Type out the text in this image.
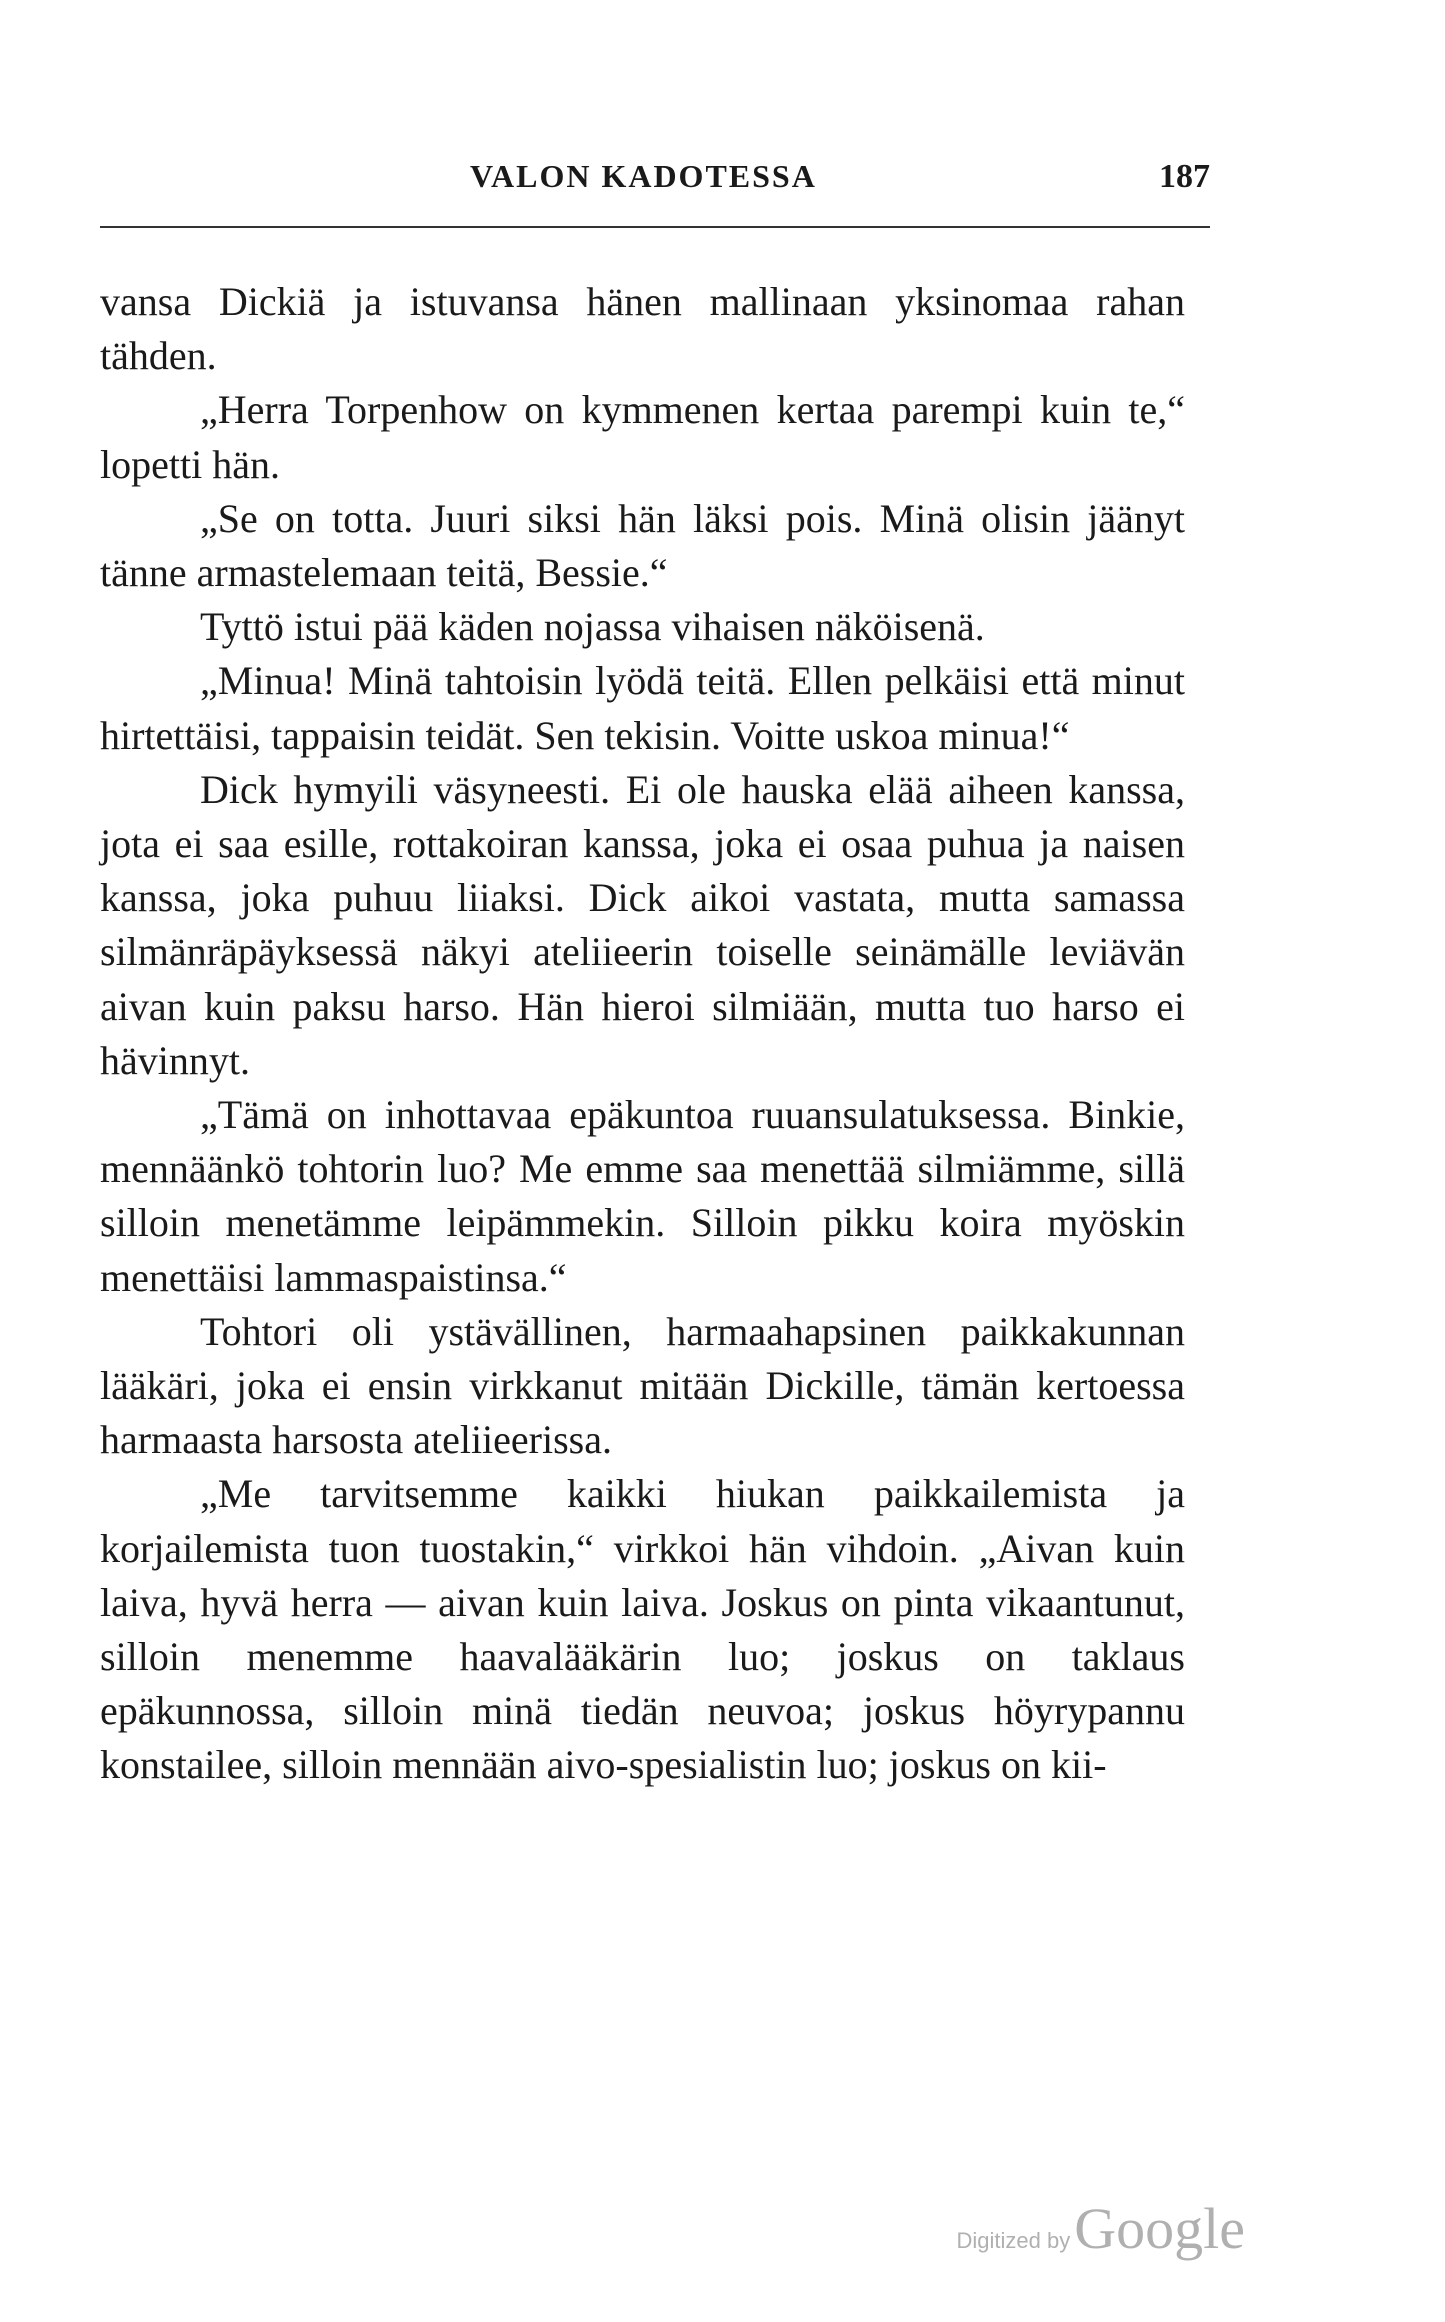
VALON KADOTESSA	187

vansa Dickiä ja istuvansa hänen mallinaan yksinomaa rahan tähden.

„Herra Torpenhow on kymmenen kertaa parempi kuin te,“ lopetti hän.

„Se on totta. Juuri siksi hän läksi pois. Minä olisin jäänyt tänne armastelemaan teitä, Bessie.“

Tyttö istui pää käden nojassa vihaisen näköisenä.

„Minua! Minä tahtoisin lyödä teitä. Ellen pelkäisi että minut hirtettäisi, tappaisin teidät. Sen tekisin. Voitte uskoa minua!“

Dick hymyili väsyneesti. Ei ole hauska elää aiheen kanssa, jota ei saa esille, rottakoiran kanssa, joka ei osaa puhua ja naisen kanssa, joka puhuu liiaksi. Dick aikoi vastata, mutta samassa silmänräpäyksessä näkyi ateliieerin toiselle seinämälle leviävän aivan kuin paksu harso. Hän hieroi silmiään, mutta tuo harso ei hävinnyt.

„Tämä on inhottavaa epäkuntoa ruuansulatuksessa. Binkie, mennäänkö tohtorin luo? Me emme saa menettää silmiämme, sillä silloin menetämme leipämmekin. Silloin pikku koira myöskin menettäisi lammaspaistinsa.“

Tohtori oli ystävällinen, harmaahapsinen paikkakunnan lääkäri, joka ei ensin virkkanut mitään Dickille, tämän kertoessa harmaasta harsosta ateliieerissa.

„Me tarvitsemme kaikki hiukan paikkailemista ja korjailemista tuon tuostakin,“ virkkoi hän vihdoin. „Aivan kuin laiva, hyvä herra — aivan kuin laiva. Joskus on pinta vikaantunut, silloin menemme haavalääkärin luo; joskus on taklaus epäkunnossa, silloin minä tiedän neuvoa; joskus höyrypannu konstailee, silloin mennään aivo-spesialistin luo; joskus on kii-

Digitized by Google
